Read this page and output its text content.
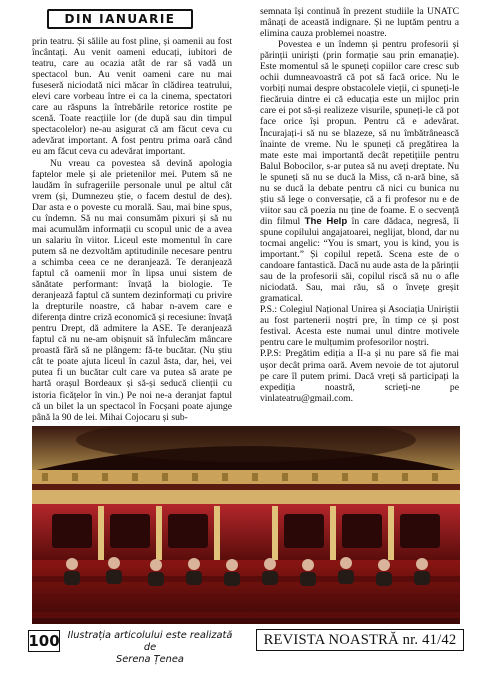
DIN IANUARIE

prin teatru. Și sălile au fost pline, și oamenii au fost încântați. Au venit oameni educați, iubitori de teatru, care au ocazia atât de rar să vadă un spectacol bun. Au venit oameni care nu mai fuseseră niciodată nici măcar în clădirea teatrului, elevi care vorbeau între ei ca la cinema, spectatori care au răspuns la întrebările retorice rostite pe scenă. Toate reacțiile lor (de după sau din timpul spectacolelor) ne-au asigurat că am făcut ceva cu adevărat important. A fost pentru prima oară când eu am făcut ceva cu adevărat important.

Nu vreau ca povestea să devină apologia faptelor mele și ale prietenilor mei. Putem să ne laudăm în sufrageriile personale unul pe altul cât vrem (și, Dumnezeu știe, o facem destul de des). Dar asta e o poveste cu morală. Sau, mai bine spus, cu îndemn. Să nu mai consumăm pixuri și să nu mai acumulăm informații cu scopul unic de a avea un salariu în viitor. Liceul este momentul în care putem să ne dezvoltăm aptitudinile necesare pentru a schimba ceea ce ne deranjează. Te deranjează faptul că oamenii mor în lipsa unui sistem de sănătate performant: învață la biologie. Te deranjează faptul că suntem dezinformați cu privire la drepturile noastre, că habar n-avem care e diferența dintre criză economică și recesiune: învață pentru Drept, dă admitere la ASE. Te deranjează faptul că nu ne-am obișnuit să înfulecăm mâncare proastă fără să ne plângem: fă-te bucătar. (Nu știu cât te poate ajuta liceul în cazul ăsta, dar, hei, vei putea fi un bucătar cult care va putea să arate pe hartă orașul Bordeaux și să-și seducă clienții cu istoria ficățelor în vin.) Pe noi ne-a deranjat faptul că un bilet la un spectacol în Focșani poate ajunge până la 90 de lei. Mihai Cojocaru și sub-

semnata își continuă în prezent studiile la UNATC mânați de această indignare. Și ne luptăm pentru a elimina cauza problemei noastre.

Povestea e un îndemn și pentru profesorii și părinții uniriști (prin formație sau prin emanație). Este momentul să le spuneți copiilor care cresc sub ochii dumneavoastră că pot să facă orice. Nu le vorbiți numai despre obstacolele vieții, ci spuneți-le fiecăruia dintre ei că educația este un mijloc prin care ei pot să-și realizeze visurile, spuneți-le că pot face orice își propun. Pentru că e adevărat. Încurajați-i să nu se blazeze, să nu îmbătrânească înainte de vreme. Nu le spuneți că pregătirea la mate este mai importantă decât repetițiile pentru Balul Bobocilor, s-ar putea să nu aveți dreptate. Nu le spuneți să nu se ducă la Miss, că n-ară bine, să nu se ducă la debate pentru că nici cu bunica nu știu să lege o conversație, că a fi profesor nu e de viitor sau că poezia nu ține de foame. E o secvență din filmul The Help în care dădaca, negresă, îi spune copilului angajatoarei, neglijat, blond, dar nu tocmai angelic: “You is smart, you is kind, you is important.” Și copilul repetă. Scena este de o candoare fantastică. Dacă nu aude asta de la părinții sau de la profesorii săi, copilul riscă să nu o afle niciodată. Sau, mai rău, să o învețe greșit gramatical.

P.S.: Colegiul Național Unirea și Asociația Uniriștii au fost partenerii noștri pre, în timp ce și post festival. Acesta este numai unul dintre motivele pentru care le mulțumim profesorilor noștri.

P.P.S: Pregătim ediția a II-a și nu pare să fie mai ușor decât prima oară. Avem nevoie de tot ajutorul pe care îl putem primi. Dacă vreți să participați la expediția noastră, scrieți-ne pe vinlateatru@gmail.com.

100 Ilustrația articolului este realizată de
Serena Țenea
REVISTA NOASTRĂ nr. 41/42
